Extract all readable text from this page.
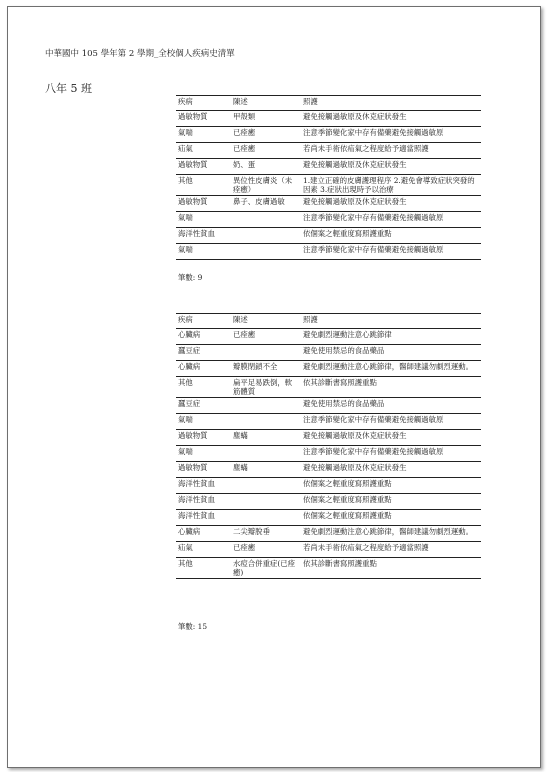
中華國中 105 學年第 2 學期_全校個人疾病史清單
八年 5 班
疾病	陳述	照護
過敏物質	甲殼類	避免接觸過敏原及休克症狀發生
氣喘	已痊癒	注意季節變化家中存有備藥避免接觸過敏原
疝氣	已痊癒	若尚未手術依疝氣之程度給予適當照護
過敏物質	奶、蛋	避免接觸過敏原及休克症狀發生
其他	異位性皮膚炎（未痊癒）	1.建立正確的皮膚護理程序 2.避免會導致症狀突發的因素 3.症狀出現時予以治療
過敏物質	鼻子、皮膚過敏	避免接觸過敏原及休克症狀發生
氣喘		注意季節變化家中存有備藥避免接觸過敏原
海洋性貧血		依個案之輕重度寫照護重點
氣喘		注意季節變化家中存有備藥避免接觸過敏原
筆數: 9
疾病	陳述	照護
心臟病	已痊癒	避免劇烈運動注意心跳節律
蠶豆症		避免使用禁忌的食品藥品
心臟病	瓣膜閉鎖不全	避免劇烈運動注意心跳節律，醫師建議勿劇烈運動。
其他	扁平足易跌倒，軟筋體質	依其診斷書寫照護重點
蠶豆症		避免使用禁忌的食品藥品
氣喘		注意季節變化家中存有備藥避免接觸過敏原
過敏物質	塵蟎	避免接觸過敏原及休克症狀發生
氣喘		注意季節變化家中存有備藥避免接觸過敏原
過敏物質	塵蟎	避免接觸過敏原及休克症狀發生
海洋性貧血		依個案之輕重度寫照護重點
海洋性貧血		依個案之輕重度寫照護重點
海洋性貧血		依個案之輕重度寫照護重點
心臟病	二尖瓣脫垂	避免劇烈運動注意心跳節律，醫師建議勿劇烈運動。
疝氣	已痊癒	若尚未手術依疝氣之程度給予適當照護
其他	水痘合併重症(已痊癒)	依其診斷書寫照護重點
筆數: 15
